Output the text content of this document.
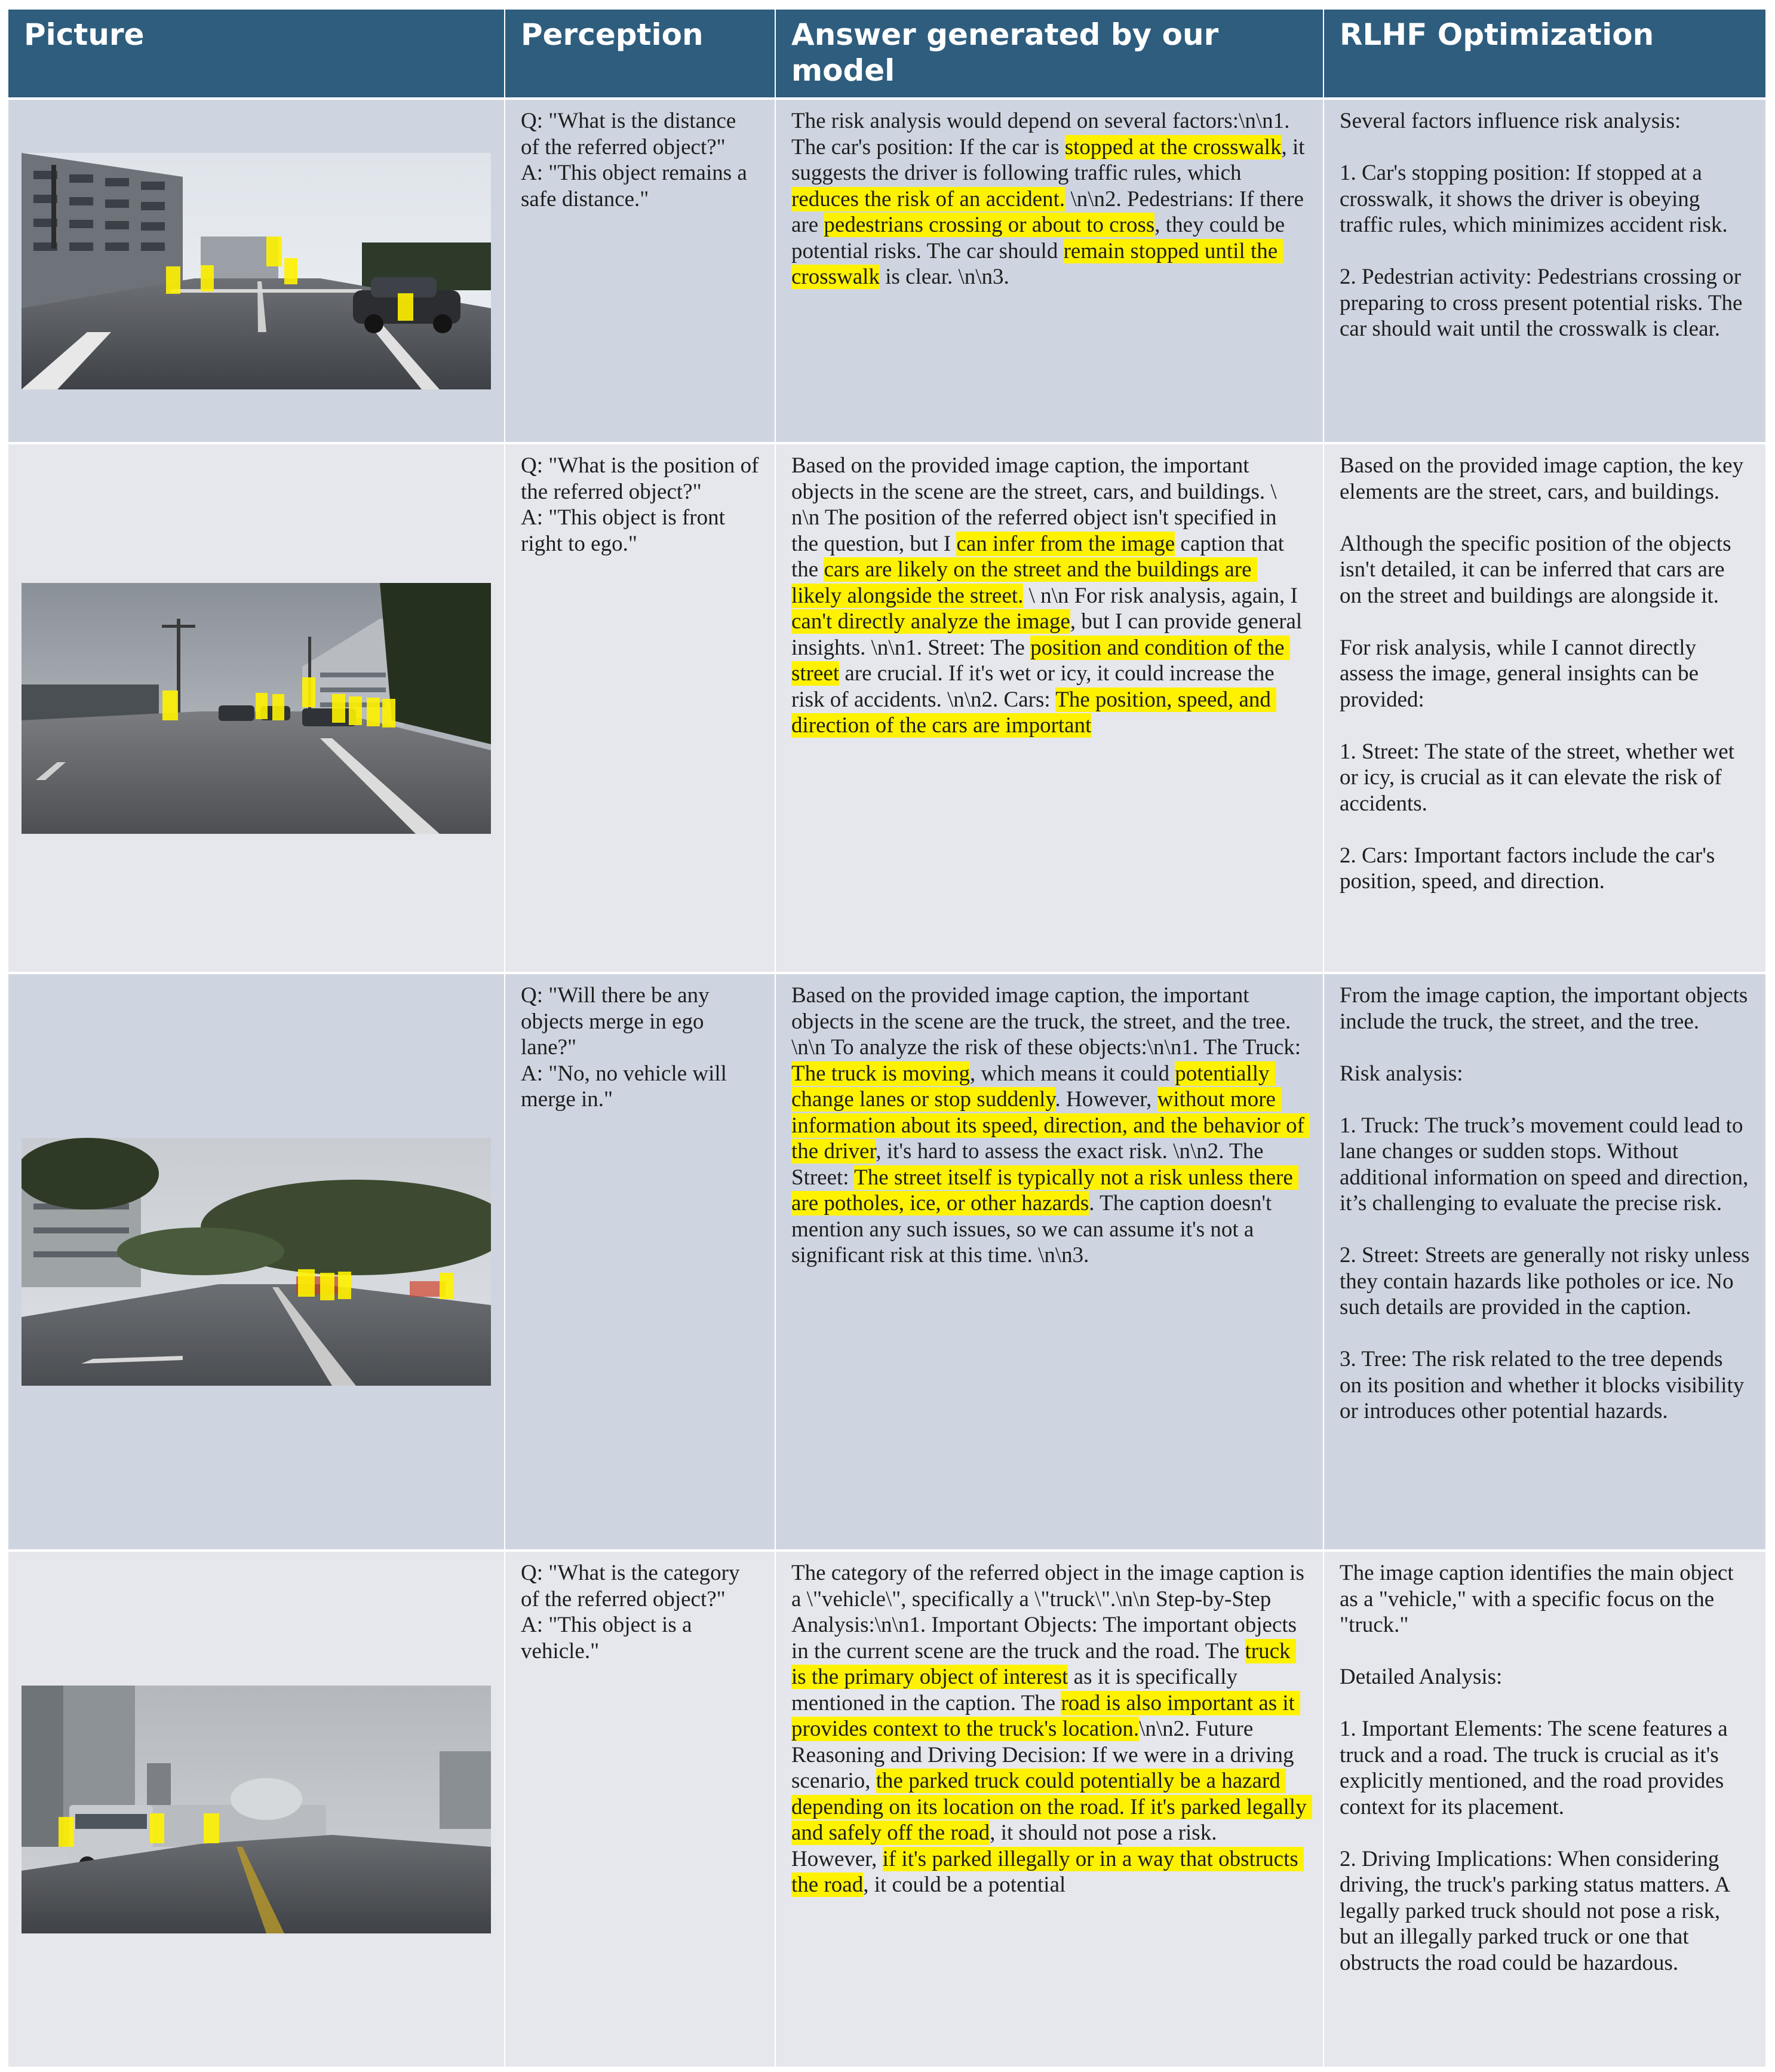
Picture	Perception	Answer generated by our model
RLHF Optimization
Q: "What is the distance of the referred object?"
A: "This object remains a safe distance."
The risk analysis would depend on several factors:\n\n1. The car's position: If the car is stopped at the crosswalk, it suggests the driver is following traffic rules, which reduces the risk of an accident. \n\n2. Pedestrians: If there are pedestrians crossing or about to cross, they could be potential risks. The car should remain stopped until the crosswalk is clear. \n\n3.
Several factors influence risk analysis:

1. Car's stopping position: If stopped at a crosswalk, it shows the driver is obeying traffic rules, which minimizes accident risk.

2. Pedestrian activity: Pedestrians crossing or preparing to cross present potential risks. The car should wait until the crosswalk is clear.
Q: "What is the position of the referred object?"
A: "This object is front right to ego."
Based on the provided image caption, the important objects in the scene are the street, cars, and buildings. \ n\n The position of the referred object isn't specified in the question, but I can infer from the image caption that the cars are likely on the street and the buildings are likely alongside the street. \ n\n For risk analysis, again, I can't directly analyze the image, but I can provide general insights. \n\n1. Street: The position and condition of the street are crucial. If it's wet or icy, it could increase the risk of accidents. \n\n2. Cars: The position, speed, and direction of the cars are important
Based on the provided image caption, the key elements are the street, cars, and buildings.

Although the specific position of the objects isn't detailed, it can be inferred that cars are on the street and buildings are alongside it.

For risk analysis, while I cannot directly assess the image, general insights can be provided:

1. Street: The state of the street, whether wet or icy, is crucial as it can elevate the risk of accidents.

2. Cars: Important factors include the car's position, speed, and direction.
Q: "Will there be any objects merge in ego lane?"
A: "No, no vehicle will merge in."
Based on the provided image caption, the important objects in the scene are the truck, the street, and the tree. \n\n To analyze the risk of these objects:\n\n1. The Truck: The truck is moving, which means it could potentially change lanes or stop suddenly. However, without more information about its speed, direction, and the behavior of the driver, it's hard to assess the exact risk. \n\n2. The Street: The street itself is typically not a risk unless there are potholes, ice, or other hazards. The caption doesn't mention any such issues, so we can assume it's not a significant risk at this time. \n\n3.
From the image caption, the important objects include the truck, the street, and the tree.

Risk analysis:

1. Truck: The truck’s movement could lead to lane changes or sudden stops. Without additional information on speed and direction, it’s challenging to evaluate the precise risk.

2. Street: Streets are generally not risky unless they contain hazards like potholes or ice. No such details are provided in the caption.

3. Tree: The risk related to the tree depends on its position and whether it blocks visibility or introduces other potential hazards.
Q: "What is the category of the referred object?"
A: "This object is a vehicle."
The category of the referred object in the image caption is a \"vehicle\", specifically a \"truck\".\n\n Step-by-Step Analysis:\n\n1. Important Objects: The important objects in the current scene are the truck and the road. The truck is the primary object of interest as it is specifically mentioned in the caption. The road is also important as it provides context to the truck's location.\n\n2. Future Reasoning and Driving Decision: If we were in a driving scenario, the parked truck could potentially be a hazard depending on its location on the road. If it's parked legally and safely off the road, it should not pose a risk. However, if it's parked illegally or in a way that obstructs the road, it could be a potential
The image caption identifies the main object as a "vehicle," with a specific focus on the "truck."

Detailed Analysis:

1. Important Elements: The scene features a truck and a road. The truck is crucial as it's explicitly mentioned, and the road provides context for its placement.

2. Driving Implications: When considering driving, the truck's parking status matters. A legally parked truck should not pose a risk, but an illegally parked truck or one that obstructs the road could be hazardous.
